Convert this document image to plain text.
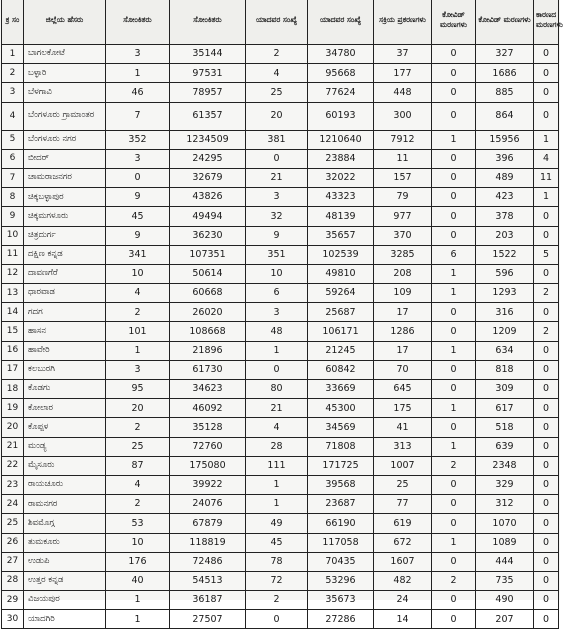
ಕ್ರ ಸಂ	ಜಿಲ್ಲೆಯ ಹೆಸರು	ಸೋಂಕಿತರು	ಸೋಂಕಿತರು	ಯಾದವರ ಸಂಖ್ಯೆ	ಯಾದವರ ಸಂಖ್ಯೆ	ಸಕ್ರಿಯ ಪ್ರಕರಣಗಳು	ಕೋವಿಡ್ ಮರಣಗಳು	ಕೋವಿಡ್ ಮರಣಗಳು	ಕಾರಣದ ಮರಣಗಳು
1	ಬಾಗಲಕೋಟೆ	3	35144	2	34780	37	0	327	0
2	ಬಳ್ಳಾರಿ	1	97531	4	95668	177	0	1686	0
3	ಬೆಳಗಾವಿ	46	78957	25	77624	448	0	885	0
4	ಬೆಂಗಳೂರು ಗ್ರಾಮಾಂತರ	7	61357	20	60193	300	0	864	0
5	ಬೆಂಗಳೂರು ನಗರ	352	1234509	381	1210640	7912	1	15956	1
6	ಬೀದರ್	3	24295	0	23884	11	0	396	4
7	ಚಾಮರಾಜನಗರ	0	32679	21	32022	157	0	489	11
8	ಚಿಕ್ಕಬಳ್ಳಾಪುರ	9	43826	3	43323	79	0	423	1
9	ಚಿಕ್ಕಮಗಳೂರು	45	49494	32	48139	977	0	378	0
10	ಚಿತ್ರದುರ್ಗ	9	36230	9	35657	370	0	203	0
11	ದಕ್ಷಿಣ ಕನ್ನಡ	341	107351	351	102539	3285	6	1522	5
12	ದಾವಣಗೆರೆ	10	50614	10	49810	208	1	596	0
13	ಧಾರವಾಡ	4	60668	6	59264	109	1	1293	2
14	ಗದಗ	2	26020	3	25687	17	0	316	0
15	ಹಾಸನ	101	108668	48	106171	1286	0	1209	2
16	ಹಾವೇರಿ	1	21896	1	21245	17	1	634	0
17	ಕಲಬುರಗಿ	3	61730	0	60842	70	0	818	0
18	ಕೊಡಗು	95	34623	80	33669	645	0	309	0
19	ಕೋಲಾರ	20	46092	21	45300	175	1	617	0
20	ಕೊಪ್ಪಳ	2	35128	4	34569	41	0	518	0
21	ಮಂಡ್ಯ	25	72760	28	71808	313	1	639	0
22	ಮೈಸೂರು	87	175080	111	171725	1007	2	2348	0
23	ರಾಯಚೂರು	4	39922	1	39568	25	0	329	0
24	ರಾಮನಗರ	2	24076	1	23687	77	0	312	0
25	ಶಿವಮೊಗ್ಗ	53	67879	49	66190	619	0	1070	0
26	ತುಮಕೂರು	10	118819	45	117058	672	1	1089	0
27	ಉಡುಪಿ	176	72486	78	70435	1607	0	444	0
28	ಉತ್ತರ ಕನ್ನಡ	40	54513	72	53296	482	2	735	0
29	ವಿಜಯಪುರ	1	36187	2	35673	24	0	490	0
30	ಯಾದಗಿರಿ	1	27507	0	27286	14	0	207	0
